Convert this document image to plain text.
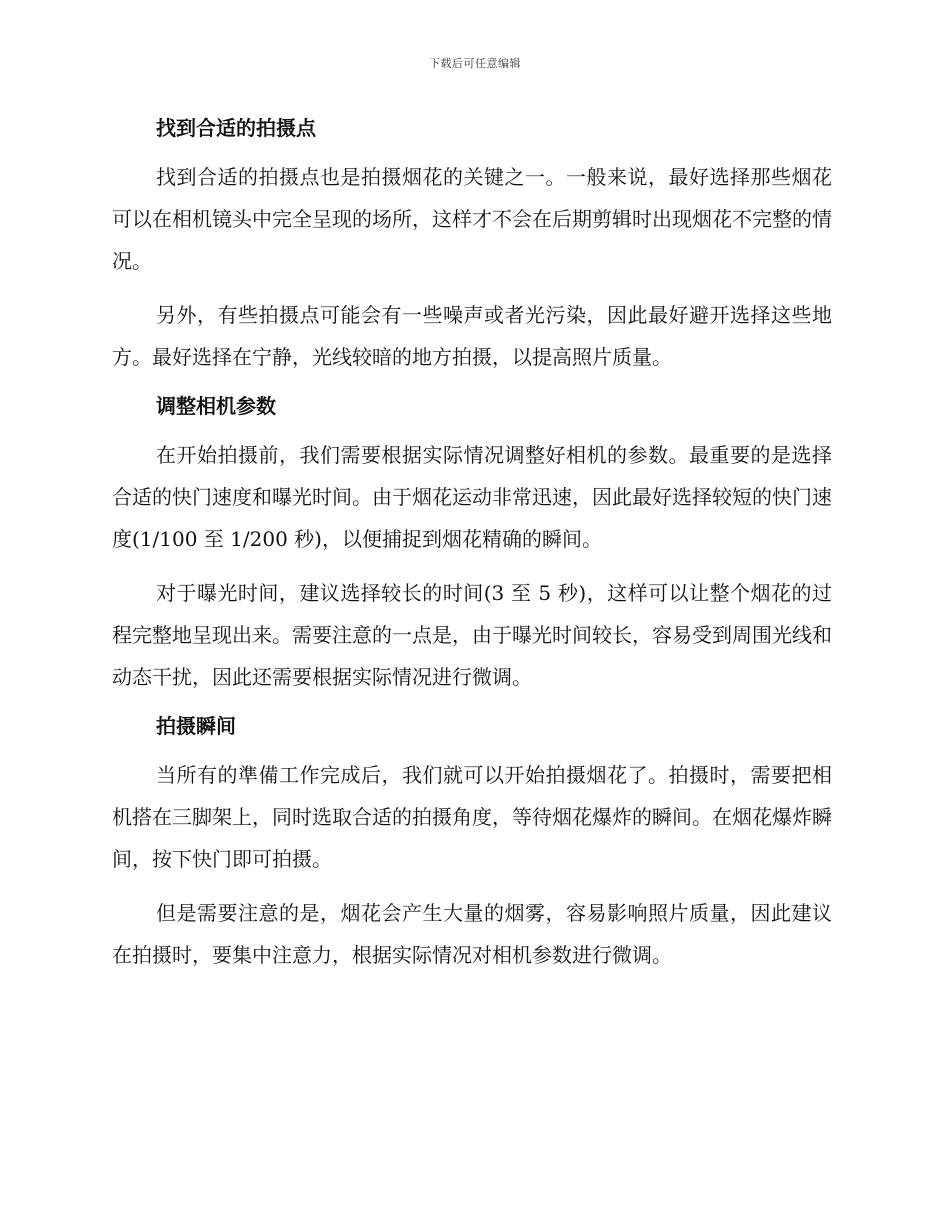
下载后可任意编辑
找到合适的拍摄点

找到合适的拍摄点也是拍摄烟花的关键之一。一般来说，最好选择那些烟花可以在相机镜头中完全呈现的场所，这样才不会在后期剪辑时出现烟花不完整的情况。

另外，有些拍摄点可能会有一些噪声或者光污染，因此最好避开选择这些地方。最好选择在宁静，光线较暗的地方拍摄，以提高照片质量。

调整相机参数

在开始拍摄前，我们需要根据实际情况调整好相机的参数。最重要的是选择合适的快门速度和曝光时间。由于烟花运动非常迅速，因此最好选择较短的快门速度(1/100 至 1/200 秒)，以便捕捉到烟花精确的瞬间。

对于曝光时间，建议选择较长的时间(3 至 5 秒)，这样可以让整个烟花的过程完整地呈现出来。需要注意的一点是，由于曝光时间较长，容易受到周围光线和动态干扰，因此还需要根据实际情况进行微调。

拍摄瞬间

当所有的準備工作完成后，我们就可以开始拍摄烟花了。拍摄时，需要把相机搭在三脚架上，同时选取合适的拍摄角度，等待烟花爆炸的瞬间。在烟花爆炸瞬间，按下快门即可拍摄。

但是需要注意的是，烟花会产生大量的烟雾，容易影响照片质量，因此建议在拍摄时，要集中注意力，根据实际情况对相机参数进行微调。
